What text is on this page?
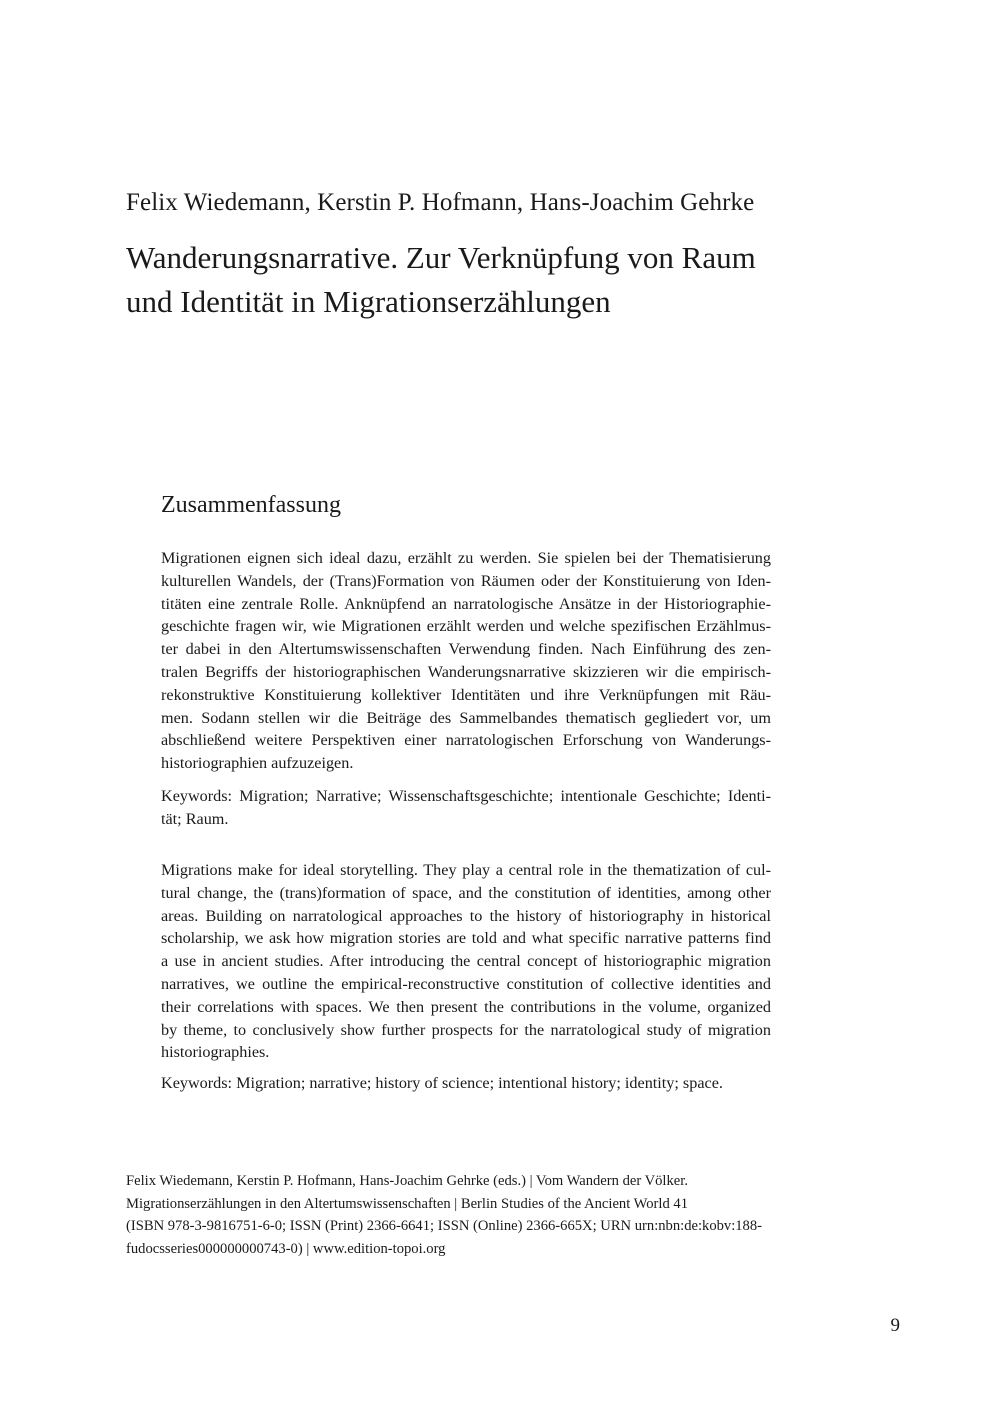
Felix Wiedemann, Kerstin P. Hofmann, Hans-Joachim Gehrke

Wanderungsnarrative. Zur Verknüpfung von Raum
und Identität in Migrationserzählungen
Zusammenfassung

Migrationen eignen sich ideal dazu, erzählt zu werden. Sie spielen bei der Thematisierung
kulturellen Wandels, der (Trans)Formation von Räumen oder der Konstituierung von Iden-
titäten eine zentrale Rolle. Anknüpfend an narratologische Ansätze in der Historiographie-
geschichte fragen wir, wie Migrationen erzählt werden und welche spezifischen Erzählmus-
ter dabei in den Altertumswissenschaften Verwendung finden. Nach Einführung des zen-
tralen Begriffs der historiographischen Wanderungsnarrative skizzieren wir die empirisch-
rekonstruktive Konstituierung kollektiver Identitäten und ihre Verknüpfungen mit Räu-
men. Sodann stellen wir die Beiträge des Sammelbandes thematisch gegliedert vor, um
abschließend weitere Perspektiven einer narratologischen Erforschung von Wanderungs-
historiographien aufzuzeigen.

Keywords: Migration; Narrative; Wissenschaftsgeschichte; intentionale Geschichte; Identi-
tät; Raum.

Migrations make for ideal storytelling. They play a central role in the thematization of cul-
tural change, the (trans)formation of space, and the constitution of identities, among other
areas. Building on narratological approaches to the history of historiography in historical
scholarship, we ask how migration stories are told and what specific narrative patterns find
a use in ancient studies. After introducing the central concept of historiographic migration
narratives, we outline the empirical-reconstructive constitution of collective identities and
their correlations with spaces. We then present the contributions in the volume, organized
by theme, to conclusively show further prospects for the narratological study of migration
historiographies.

Keywords: Migration; narrative; history of science; intentional history; identity; space.

Felix Wiedemann, Kerstin P. Hofmann, Hans-Joachim Gehrke (eds.) | Vom Wandern der Völker.
Migrationserzählungen in den Altertumswissenschaften | Berlin Studies of the Ancient World 41
(ISBN 978-3-9816751-6-0; ISSN (Print) 2366-6641; ISSN (Online) 2366-665X; URN urn:nbn:de:kobv:188-
fudocsseries000000000743-0) | www.edition-topoi.org

9
